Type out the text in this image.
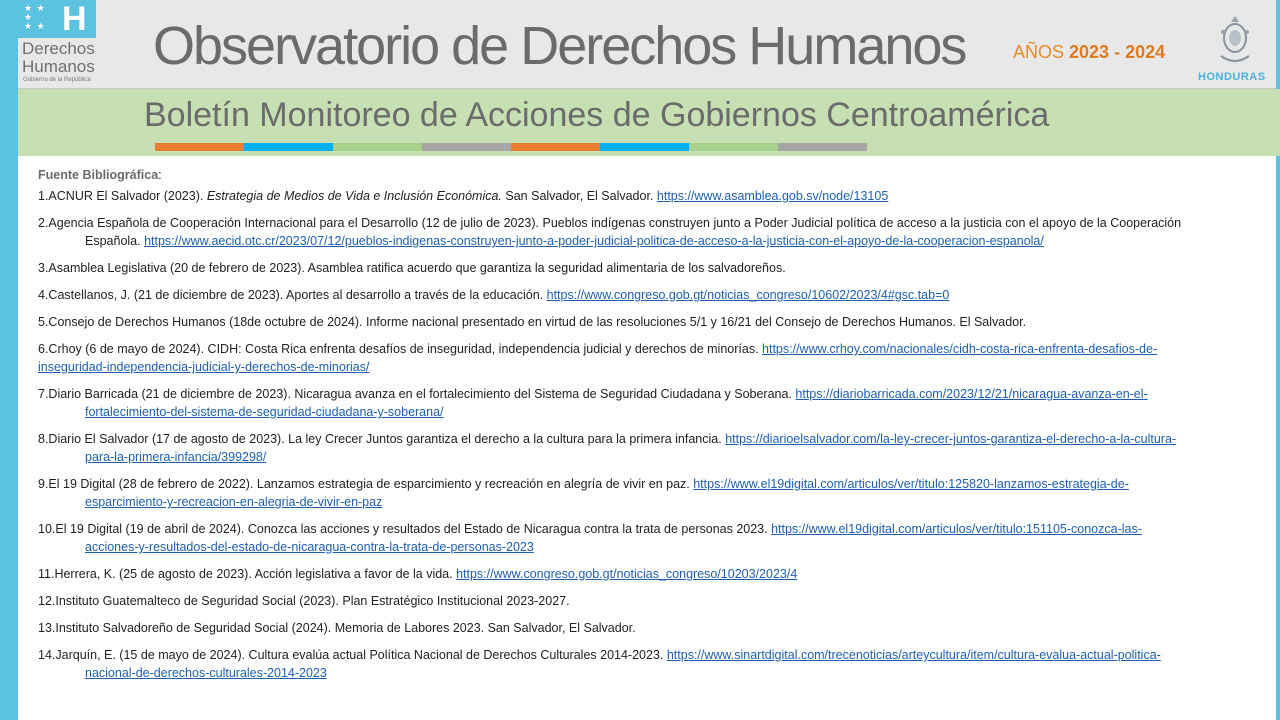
★ ★ ★
★ ★ H
Derechos
Humanos
Gobierno de la República
Observatorio de Derechos Humanos	AÑOS 2023 - 2024
HONDURAS
Boletín Monitoreo de Acciones de Gobiernos Centroamérica
Fuente Bibliográfica:
1.ACNUR El Salvador (2023). Estrategia de Medios de Vida e Inclusión Económica. San Salvador, El Salvador. https://www.asamblea.gob.sv/node/13105
2.Agencia Española de Cooperación Internacional para el Desarrollo (12 de julio de 2023). Pueblos indígenas construyen junto a Poder Judicial política de acceso a la justicia con el apoyo de la Cooperación
Española. https://www.aecid.otc.cr/2023/07/12/pueblos-indigenas-construyen-junto-a-poder-judicial-politica-de-acceso-a-la-justicia-con-el-apoyo-de-la-cooperacion-espanola/
3.Asamblea Legislativa (20 de febrero de 2023). Asamblea ratifica acuerdo que garantiza la seguridad alimentaria de los salvadoreños.
4.Castellanos, J. (21 de diciembre de 2023). Aportes al desarrollo a través de la educación. https://www.congreso.gob.gt/noticias_congreso/10602/2023/4#gsc.tab=0
5.Consejo de Derechos Humanos (18de octubre de 2024). Informe nacional presentado en virtud de las resoluciones 5/1 y 16/21 del Consejo de Derechos Humanos. El Salvador.
6.Crhoy (6 de mayo de 2024). CIDH: Costa Rica enfrenta desafíos de inseguridad, independencia judicial y derechos de minorías. https://www.crhoy.com/nacionales/cidh-costa-rica-enfrenta-desafios-de-
inseguridad-independencia-judicial-y-derechos-de-minorias/
7.Diario Barricada (21 de diciembre de 2023). Nicaragua avanza en el fortalecimiento del Sistema de Seguridad Ciudadana y Soberana. https://diariobarricada.com/2023/12/21/nicaragua-avanza-en-el-
fortalecimiento-del-sistema-de-seguridad-ciudadana-y-soberana/
8.Diario El Salvador (17 de agosto de 2023). La ley Crecer Juntos garantiza el derecho a la cultura para la primera infancia. https://diarioelsalvador.com/la-ley-crecer-juntos-garantiza-el-derecho-a-la-cultura-
para-la-primera-infancia/399298/
9.El 19 Digital (28 de febrero de 2022). Lanzamos estrategia de esparcimiento y recreación en alegría de vivir en paz. https://www.el19digital.com/articulos/ver/titulo:125820-lanzamos-estrategia-de-
esparcimiento-y-recreacion-en-alegria-de-vivir-en-paz
10.El 19 Digital (19 de abril de 2024). Conozca las acciones y resultados del Estado de Nicaragua contra la trata de personas 2023. https://www.el19digital.com/articulos/ver/titulo:151105-conozca-las-
acciones-y-resultados-del-estado-de-nicaragua-contra-la-trata-de-personas-2023
11.Herrera, K. (25 de agosto de 2023). Acción legislativa a favor de la vida. https://www.congreso.gob.gt/noticias_congreso/10203/2023/4
12.Instituto Guatemalteco de Seguridad Social (2023). Plan Estratégico Institucional 2023-2027.
13.Instituto Salvadoreño de Seguridad Social (2024). Memoria de Labores 2023. San Salvador, El Salvador.
14.Jarquín, E. (15 de mayo de 2024). Cultura evalúa actual Política Nacional de Derechos Culturales 2014-2023. https://www.sinartdigital.com/trecenoticias/arteycultura/item/cultura-evalua-actual-politica-
nacional-de-derechos-culturales-2014-2023
